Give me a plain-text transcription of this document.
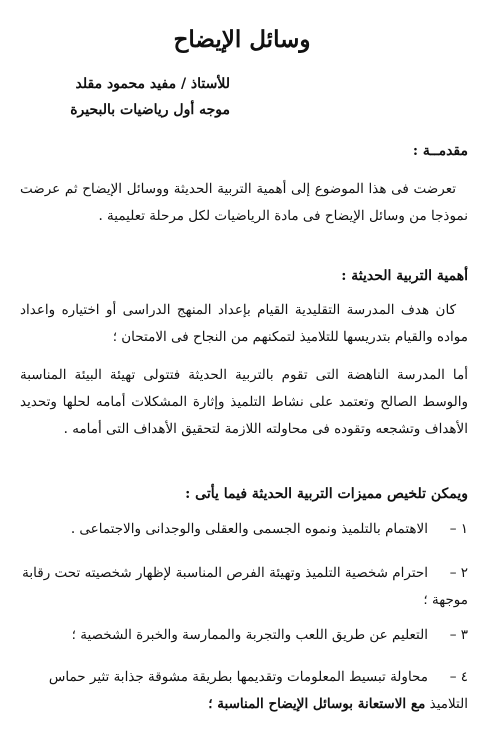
وسائل الإيضاح
للأستاذ / مفيد محمود مقلد
موجه أول رياضيات بالبحيرة
مقدمــة :
تعرضت فى هذا الموضوع إلى أهمية التربية الحديثة ووسائل الإيضاح ثم عرضت نموذجا من وسائل الإيضاح فى مادة الرياضيات لكل مرحلة تعليمية .
أهمية التربية الحديثة :
كان هدف المدرسة التقليدية القيام بإعداد المنهج الدراسى أو اختياره واعداد مواده والقيام بتدريسها للتلاميذ لتمكنهم من النجاح فى الامتحان ؛
أما المدرسة الناهضة التى تقوم بالتربية الحديثة فتتولى تهيئة البيئة المناسبة والوسط الصالح وتعتمد على نشاط التلميذ وإثارة المشكلات أمامه لحلها وتحديد الأهداف وتشجعه وتقوده فى محاولته اللازمة لتحقيق الأهداف التى أمامه .
ويمكن تلخيص مميزات التربية الحديثة فيما يأتى :
١ –الاهتمام بالتلميذ ونموه الجسمى والعقلى والوجدانى والاجتماعى .
٢ –احترام شخصية التلميذ وتهيئة الفرص المناسبة لإظهار شخصيته تحت رقابة موجهة ؛
٣ –التعليم عن طريق اللعب والتجربة والممارسة والخبرة الشخصية ؛
٤ –محاولة تبسيط المعلومات وتقديمها بطريقة مشوقة جذابة تثير حماس التلاميذ مع الاستعانة بوسائل الإيضاح المناسبة ؛
